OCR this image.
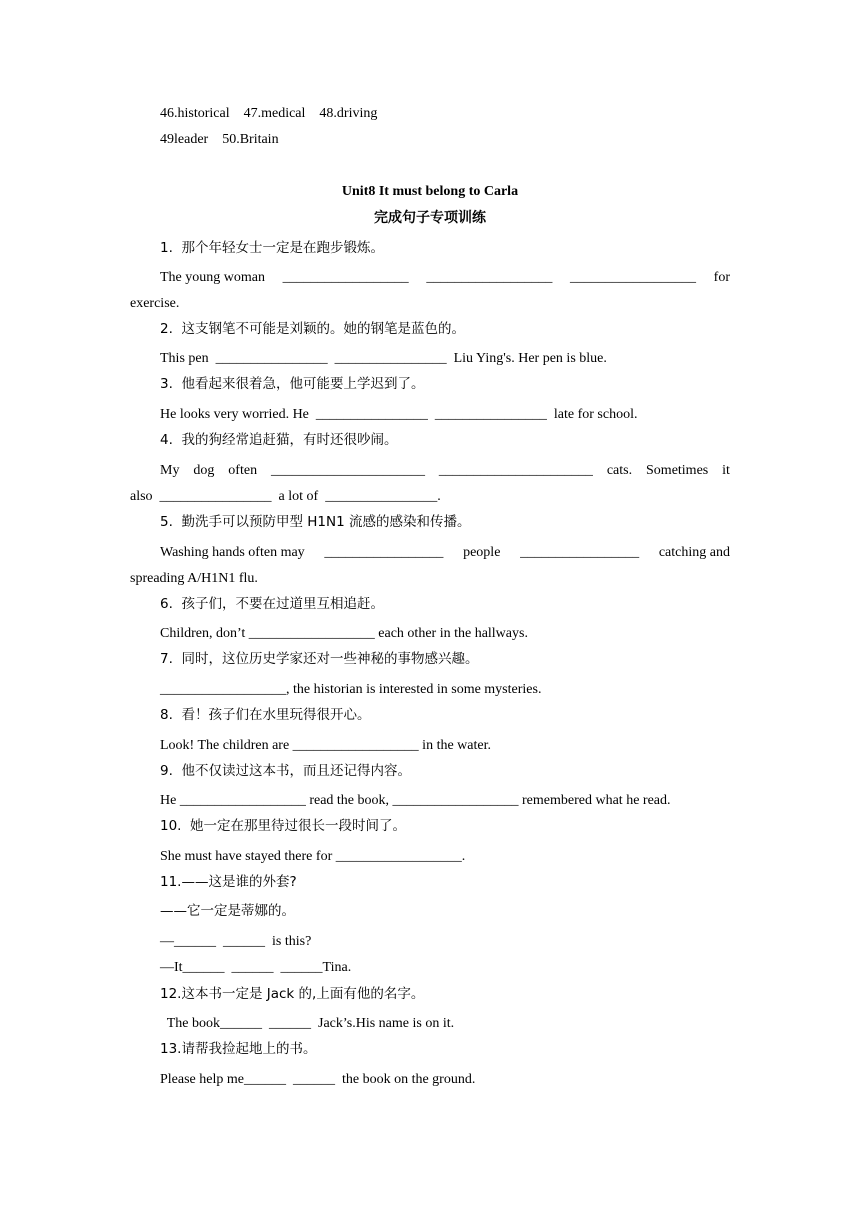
46.historical    47.medical    48.driving
49leader    50.Britain
Unit8 It must belong to Carla
完成句子专项训练
1.  那个年轻女士一定是在跑步锻炼。
The young woman __________________ __________________ __________________ for
exercise.
2.  这支钢笔不可能是刘颖的。她的钢笔是蓝色的。
This pen  ________________  ________________  Liu Ying's. Her pen is blue.
3.  他看起来很着急，他可能要上学迟到了。
He looks very worried. He  ________________  ________________  late for school.
4.  我的狗经常追赶猫，有时还很吵闹。
My dog often ______________________ ______________________ cats. Sometimes it
also  ________________  a lot of  ________________.
5.  勤洗手可以预防甲型 H1N1 流感的感染和传播。
Washing hands often may _________________ people _________________ catching and
spreading A/H1N1 flu.
6.  孩子们，不要在过道里互相追赶。
Children, don’t __________________ each other in the hallways.
7.  同时，这位历史学家还对一些神秘的事物感兴趣。
__________________, the historian is interested in some mysteries.
8.  看！孩子们在水里玩得很开心。
Look! The children are __________________ in the water.
9.  他不仅读过这本书，而且还记得内容。
He __________________ read the book, __________________ remembered what he read.
10.  她一定在那里待过很长一段时间了。
She must have stayed there for __________________.
11.——这是谁的外套?
——它一定是蒂娜的。
—______  ______  is this?
—It______  ______  ______Tina.
12.这本书一定是 Jack 的,上面有他的名字。
The book______  ______  Jack’s.His name is on it.
13.请帮我捡起地上的书。
Please help me______  ______  the book on the ground.
